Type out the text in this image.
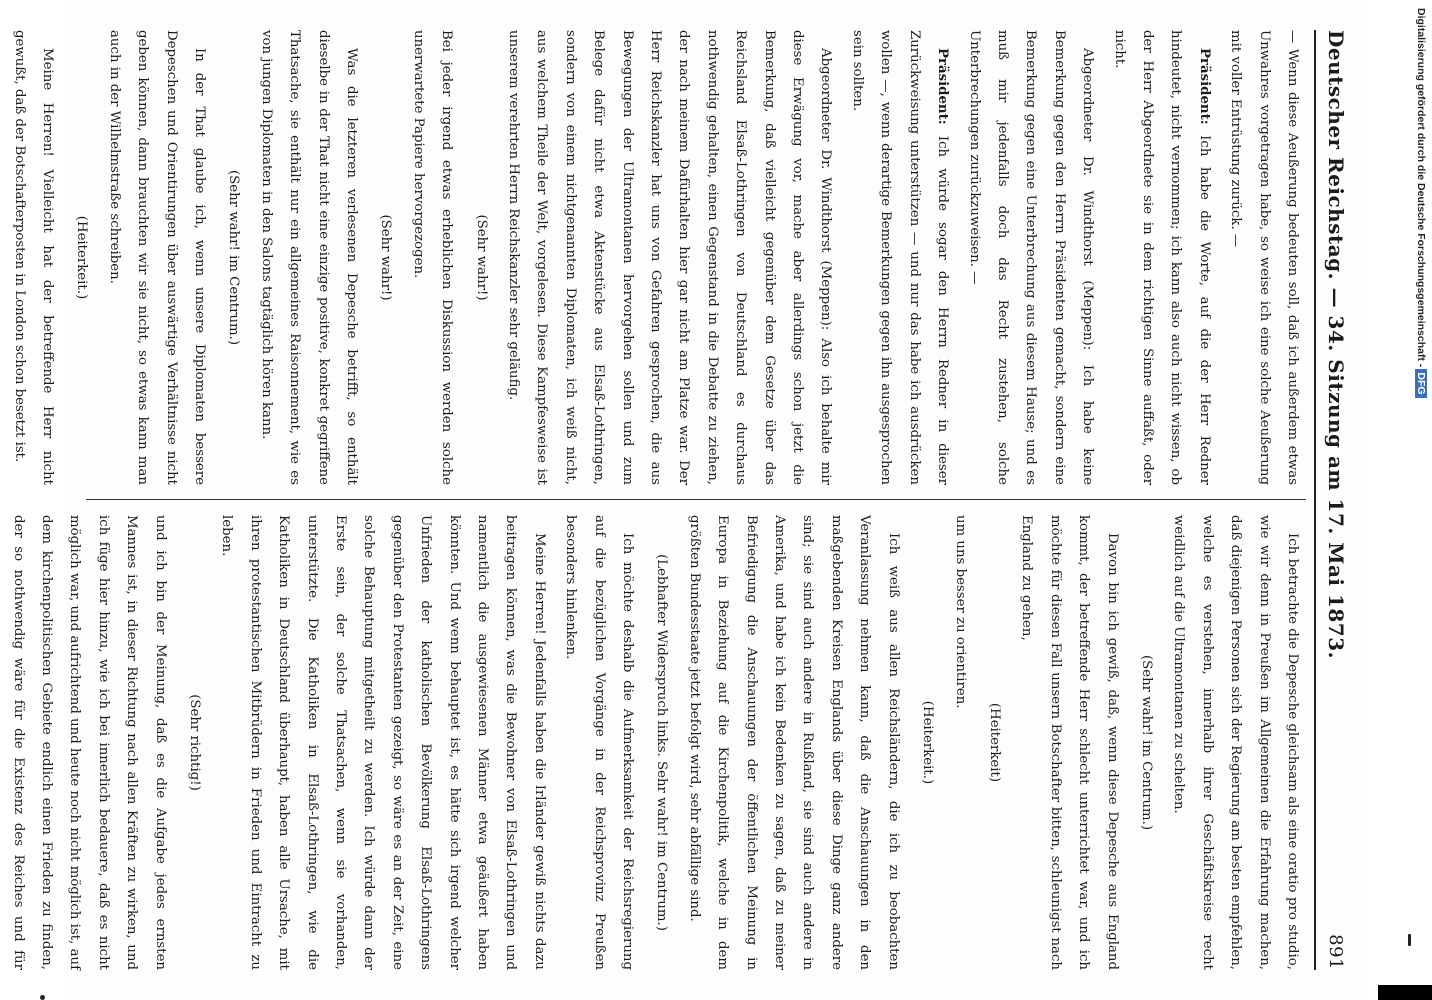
Deutscher Reichstag. — 34. Sitzung am 17. Mai 1873.
891

— Wenn diese Aeußerung bedeuten soll, daß ich außerdem etwas Unwahres vorgetragen habe, so weise ich eine solche Aeußerung mit voller Entrüstung zurück. —

Präsident: Ich habe die Worte, auf die der Herr Redner hindeutet, nicht vernommen; ich kann also auch nicht wissen, ob der Herr Abgeordnete sie in dem richtigen Sinne auffaßt, oder nicht.

Abgeordneter Dr. Windthorst (Meppen): Ich habe keine Bemerkung gegen den Herrn Präsidenten gemacht, sondern eine Bemerkung gegen eine Unterbrechung aus diesem Hause; und es muß mir jedenfalls doch das Recht zustehen, solche Unterbrechungen zurückzuweisen. —

Präsident: Ich würde sogar den Herrn Redner in dieser Zurückweisung unterstützen — und nur das habe ich ausdrücken wollen —, wenn derartige Bemerkungen gegen ihn ausgesprochen sein sollten.

Abgeordneter Dr. Windthorst (Meppen): Also ich behalte mir diese Erwägung vor, mache aber allerdings schon jetzt die Bemerkung, daß vielleicht gegenüber dem Gesetze über das Reichsland Elsaß-Lothringen von Deutschland es durchaus nothwendig gehalten, einen Gegenstand in die Debatte zu ziehen, der nach meinem Dafürhalten hier gar nicht am Platze war. Der Herr Reichskanzler hat uns von Gefahren gesprochen, die aus Bewegungen der Ultramontanen hervorgehen sollen und zum Belege dafür nicht etwa Aktenstücke aus Elsaß-Lothringen, sondern von einem nichtgenannten Diplomaten, ich weiß nicht, aus welchem Theile der Welt, vorgelesen. Diese Kampfesweise ist unserem verehrten Herrn Reichskanzler sehr geläufig.

(Sehr wahr!)

Bei jeder irgend etwas erheblichen Diskussion werden solche unerwartete Papiere hervorgezogen.

(Sehr wahr!)

Was die letzteren verlesenen Depesche betrifft, so enthält dieselbe in der That nicht eine einzige positive, konkret gegriffene Thatsache, sie enthält nur ein allgemeines Raisonnement, wie es von jungen Diplomaten in den Salons tagtäglich hören kann.

(Sehr wahr! im Centrum.)

In der That glaube ich, wenn unsere Diplomaten bessere Depeschen und Orientirungen über auswärtige Verhältnisse nicht geben können, dann brauchten wir sie nicht, so etwas kann man auch in der Wilhelmstraße schreiben.

(Heiterkeit.)

Meine Herren! Vielleicht hat der betreffende Herr nicht gewußt, daß der Botschafterposten in London schon besetzt ist.

Ich betrachte die Depesche gleichsam als eine oratio pro studio, wie wir denn in Preußen im Allgemeinen die Erfahrung machen, daß diejenigen Personen sich der Regierung am besten empfehlen, welche es verstehen, innerhalb ihrer Geschäftskreise recht weidlich auf die Ultramontanen zu schelten.

(Sehr wahr! im Centrum.)

Davon bin ich gewiß, daß, wenn diese Depesche aus England kommt, der betreffende Herr schlecht unterrichtet war, und ich möchte für diesen Fall unsern Botschafter bitten, schleunigst nach England zu gehen,

(Heiterkeit)

um uns besser zu orientiren.

(Heiterkeit.)

Ich weiß aus allen Reichsländern, die ich zu beobachten Veranlassung nehmen kann, daß die Anschauungen in den maßgebenden Kreisen Englands über diese Dinge ganz andere sind; sie sind auch andere in Rußland, sie sind auch andere in Amerika, und habe ich kein Bedenken zu sagen, daß zu meiner Befriedigung die Anschauungen der öffentlichen Meinung in Europa in Beziehung auf die Kirchenpolitik, welche in dem größten Bundesstaate jetzt befolgt wird, sehr abfällige sind.

(Lebhafter Widerspruch links. Sehr wahr! im Centrum.)

Ich möchte deshalb die Aufmerksamkeit der Reichsregierung auf die bezüglichen Vorgänge in der Reichsprovinz Preußen besonders hinlenken.

Meine Herren! Jedenfalls haben die Irländer gewiß nichts dazu beitragen können, was die Bewohner von Elsaß-Lothringen und namentlich die ausgewiesenen Männer etwa geäußert haben könnten. Und wenn behauptet ist, es hätte sich irgend welcher Unfrieden der katholischen Bevölkerung Elsaß-Lothringens gegenüber den Protestanten gezeigt, so wäre es an der Zeit, eine solche Behauptung mitgetheilt zu werden. Ich würde dann der Erste sein, der solche Thatsachen, wenn sie vorhanden, unterstützte. Die Katholiken in Elsaß-Lothringen, wie die Katholiken in Deutschland überhaupt, haben alle Ursache, mit ihren protestantischen Mitbrüdern in Frieden und Eintracht zu leben.

(Sehr richtig!)

und ich bin der Meinung, daß es die Aufgabe jedes ernsten Mannes ist, in dieser Richtung nach allen Kräften zu wirken, und ich füge hier hinzu, wie ich bei innerlich bedauere, daß es nicht möglich war, und aufrichtend und heute noch nicht möglich ist, auf dem kirchenpolitischen Gebiete endlich einen Frieden zu finden, der so nothwendig wäre für die Existenz des Reiches und für

Digitalisierung gefördert durch die Deutsche Forschungsgemeinschaft -DFG
